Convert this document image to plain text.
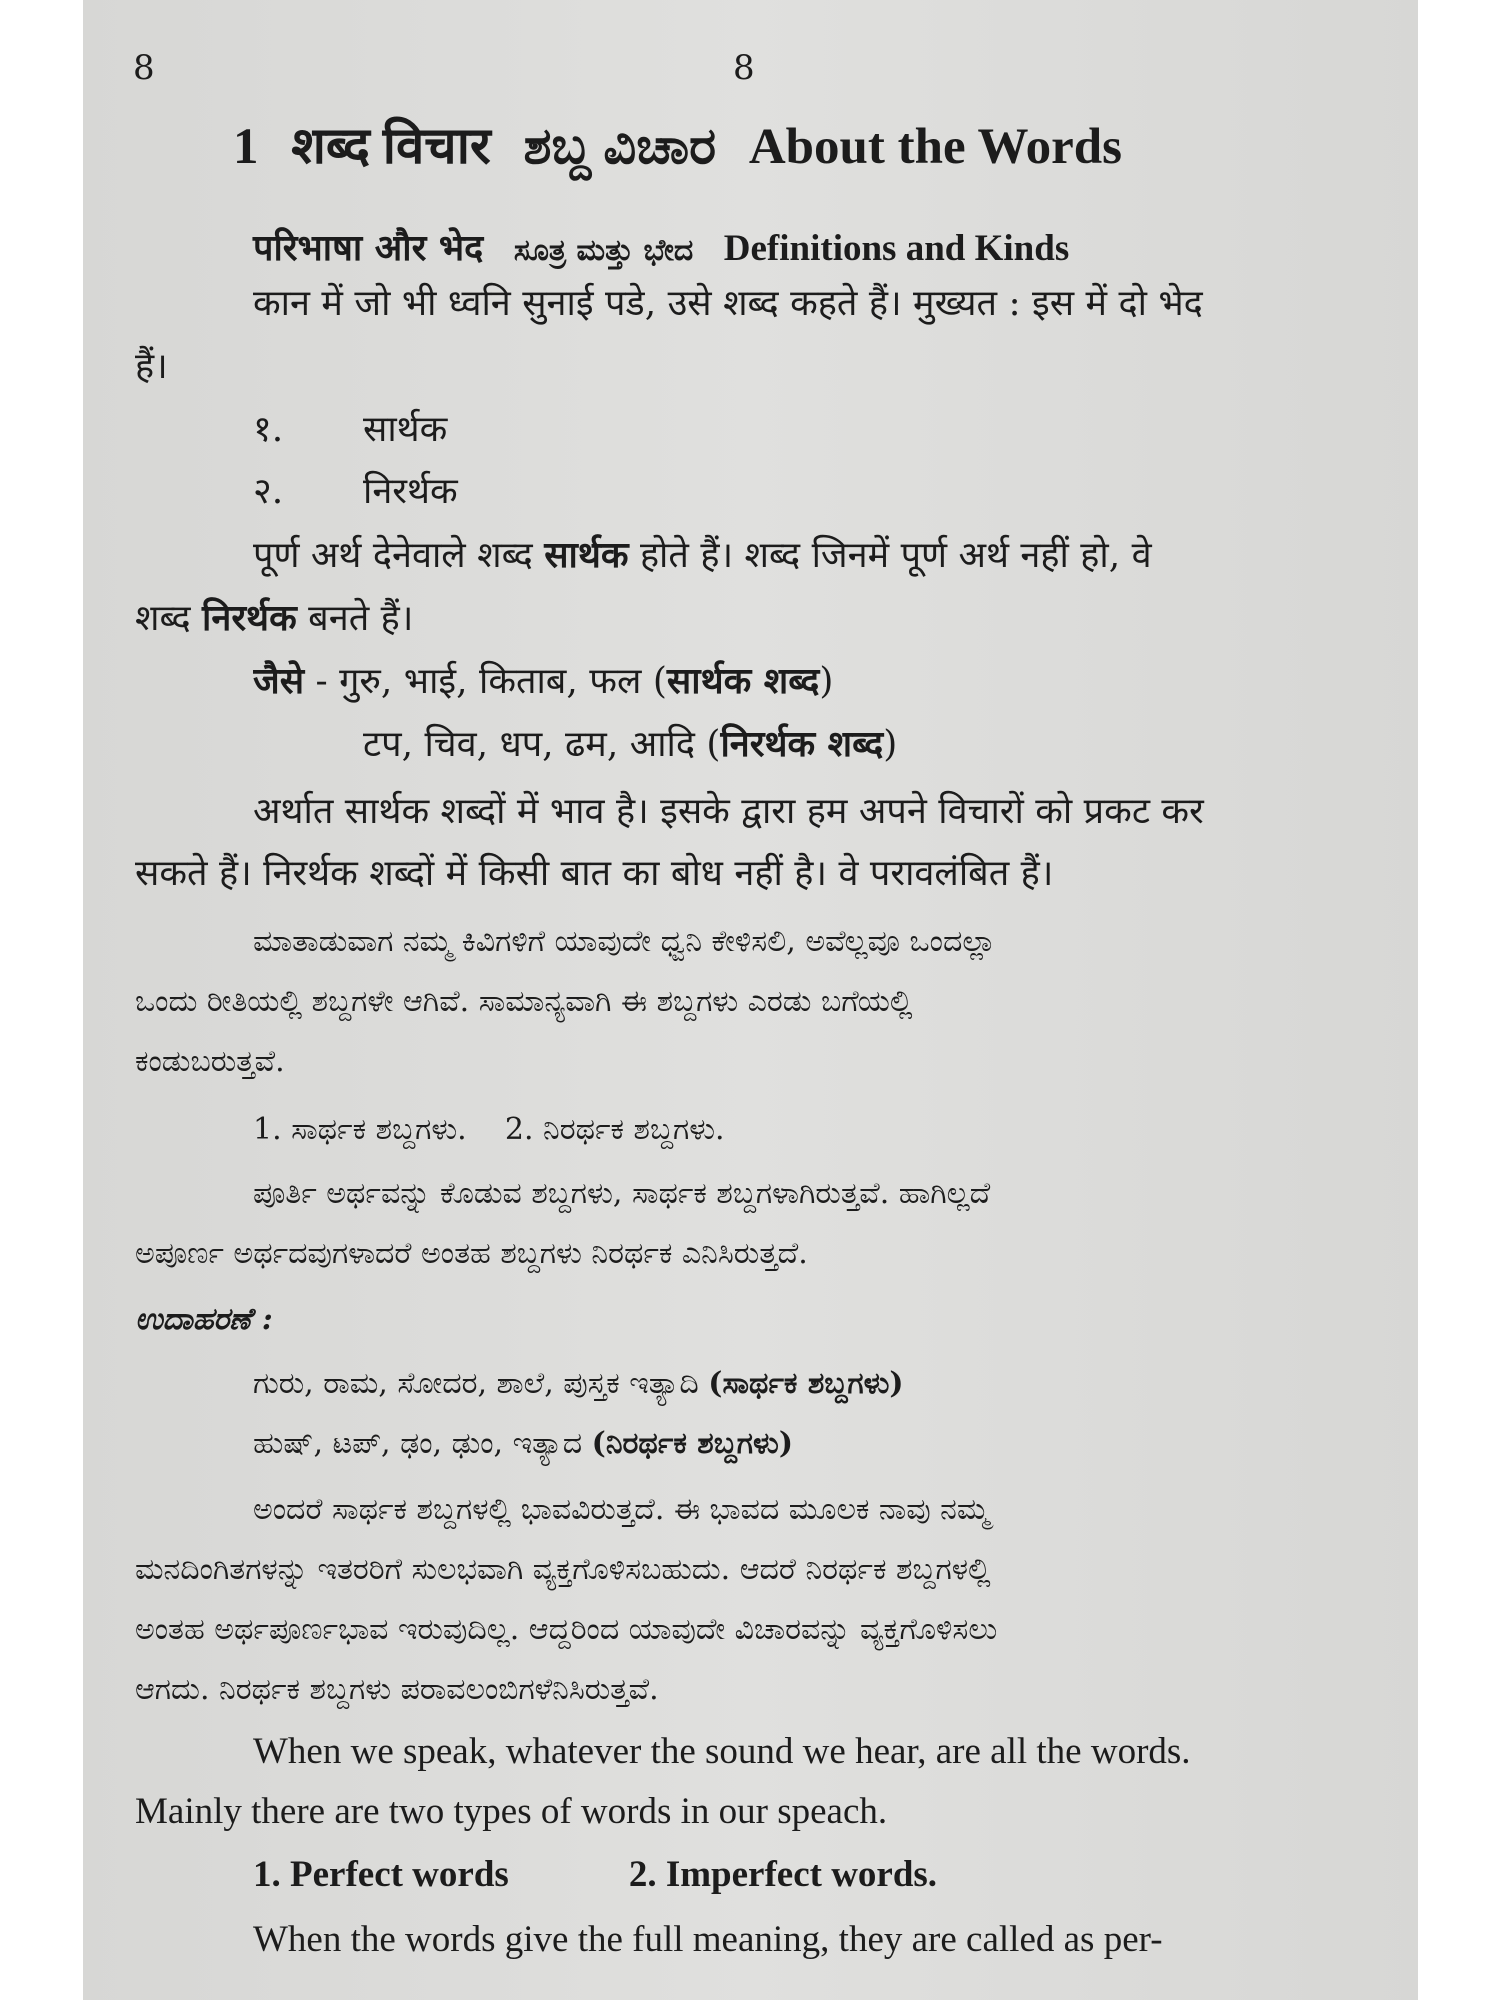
8	8
1 शब्द विचार ಶಬ್ದ ವಿಚಾರ About the Words
परिभाषा और भेद ಸೂತ್ರ ಮತ್ತು ಭೇದ Definitions and Kinds
कान में जो भी ध्वनि सुनाई पडे, उसे शब्द कहते हैं। मुख्यत : इस में दो भेद
हैं।
१. सार्थक
२. निरर्थक
पूर्ण अर्थ देनेवाले शब्द सार्थक होते हैं। शब्द जिनमें पूर्ण अर्थ नहीं हो, वे
शब्द निरर्थक बनते हैं।
जैसे - गुरु, भाई, किताब, फल (सार्थक शब्द)
टप, चिव, धप, ढम, आदि (निरर्थक शब्द)
अर्थात सार्थक शब्दों में भाव है। इसके द्वारा हम अपने विचारों को प्रकट कर
सकते हैं। निरर्थक शब्दों में किसी बात का बोध नहीं है। वे परावलंबित हैं।
ಮಾತಾಡುವಾಗ ನಮ್ಮ ಕಿವಿಗಳಿಗೆ ಯಾವುದೇ ಧ್ವನಿ ಕೇಳಿಸಲಿ, ಅವೆಲ್ಲವೂ ಒಂದಲ್ಲಾ
ಒಂದು ರೀತಿಯಲ್ಲಿ ಶಬ್ದಗಳೇ ಆಗಿವೆ. ಸಾಮಾನ್ಯವಾಗಿ ಈ ಶಬ್ದಗಳು ಎರಡು ಬಗೆಯಲ್ಲಿ
ಕಂಡುಬರುತ್ತವೆ.
1. ಸಾರ್ಥಕ ಶಬ್ದಗಳು.    2. ನಿರರ್ಥಕ ಶಬ್ದಗಳು.
ಪೂರ್ತಿ ಅರ್ಥವನ್ನು ಕೊಡುವ ಶಬ್ದಗಳು, ಸಾರ್ಥಕ ಶಬ್ದಗಳಾಗಿರುತ್ತವೆ. ಹಾಗಿಲ್ಲದೆ
ಅಪೂರ್ಣ ಅರ್ಥದವುಗಳಾದರೆ ಅಂತಹ ಶಬ್ದಗಳು ನಿರರ್ಥಕ ಎನಿಸಿರುತ್ತದೆ.
ಉದಾಹರಣೆ :
ಗುರು, ರಾಮ, ಸೋದರ, ಶಾಲೆ, ಪುಸ್ತಕ ಇತ್ಯಾದಿ (ಸಾರ್ಥಕ ಶಬ್ದಗಳು)
ಹುಷ್, ಟಪ್, ಢಂ, ಢುಂ, ಇತ್ಯಾದ (ನಿರರ್ಥಕ ಶಬ್ದಗಳು)
ಅಂದರೆ ಸಾರ್ಥಕ ಶಬ್ದಗಳಲ್ಲಿ ಭಾವವಿರುತ್ತದೆ. ಈ ಭಾವದ ಮೂಲಕ ನಾವು ನಮ್ಮ
ಮನದಿಂಗಿತಗಳನ್ನು ಇತರರಿಗೆ ಸುಲಭವಾಗಿ ವ್ಯಕ್ತಗೊಳಿಸಬಹುದು. ಆದರೆ ನಿರರ್ಥಕ ಶಬ್ದಗಳಲ್ಲಿ
ಅಂತಹ ಅರ್ಥಪೂರ್ಣಭಾವ ಇರುವುದಿಲ್ಲ. ಆದ್ದರಿಂದ ಯಾವುದೇ ವಿಚಾರವನ್ನು ವ್ಯಕ್ತಗೊಳಿಸಲು
ಆಗದು. ನಿರರ್ಥಕ ಶಬ್ದಗಳು ಪರಾವಲಂಬಿಗಳೆನಿಸಿರುತ್ತವೆ.
When we speak, whatever the sound we hear, are all the words.
Mainly there are two types of words in our speach.
1. Perfect words	2. Imperfect words.
When the words give the full meaning, they are called as per-
